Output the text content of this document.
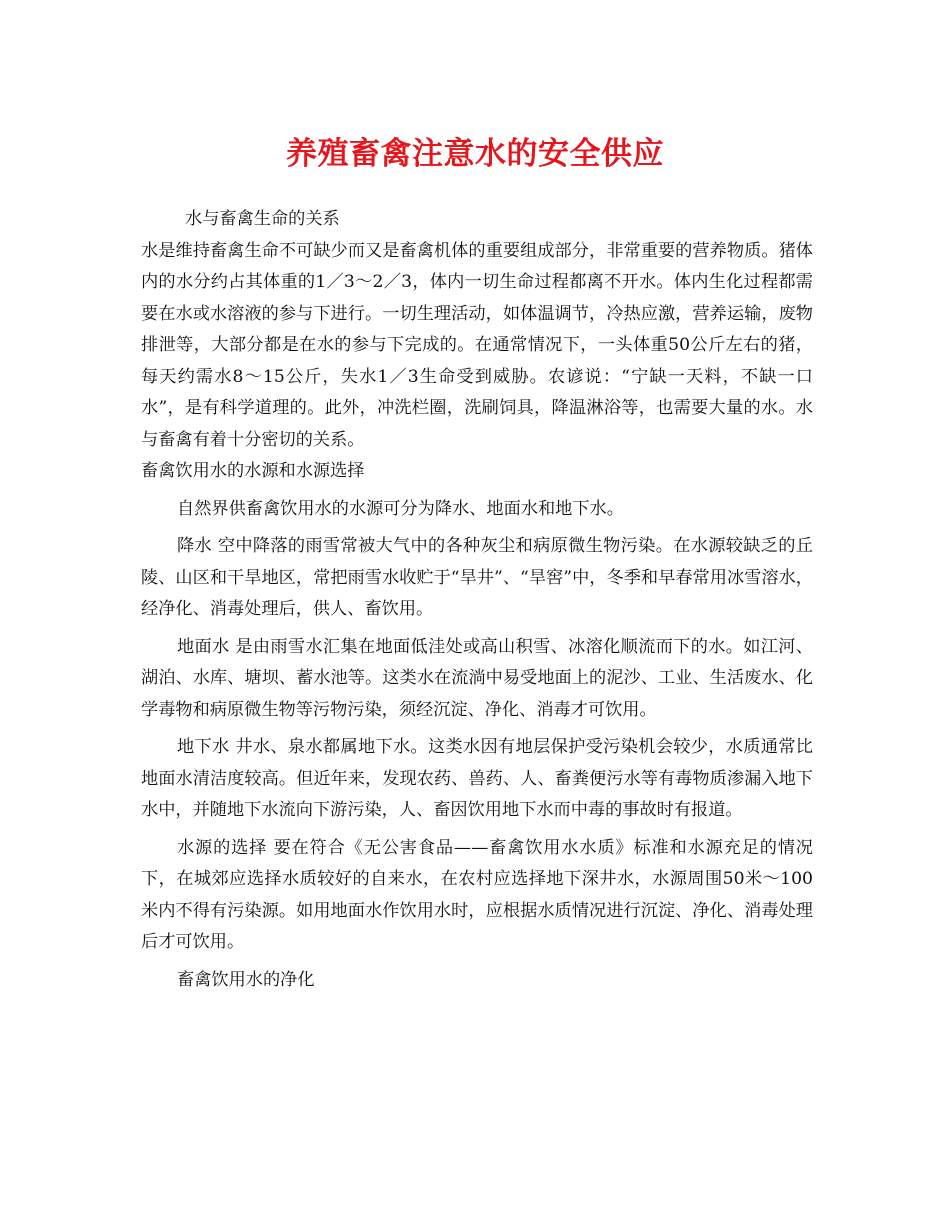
养殖畜禽注意水的安全供应

水与畜禽生命的关系

水是维持畜禽生命不可缺少而又是畜禽机体的重要组成部分，非常重要的营养物质。猪体内的水分约占其体重的1／3～2／3，体内一切生命过程都离不开水。体内生化过程都需要在水或水溶液的参与下进行。一切生理活动，如体温调节，冷热应激，营养运输，废物排泄等，大部分都是在水的参与下完成的。在通常情况下，一头体重50公斤左右的猪，每天约需水8～15公斤，失水1／3生命受到威胁。农谚说：“宁缺一天料，不缺一口水”，是有科学道理的。此外，冲洗栏圈，洗刷饲具，降温淋浴等，也需要大量的水。水与畜禽有着十分密切的关系。

畜禽饮用水的水源和水源选择

自然界供畜禽饮用水的水源可分为降水、地面水和地下水。

降水 空中降落的雨雪常被大气中的各种灰尘和病原微生物污染。在水源较缺乏的丘陵、山区和干旱地区，常把雨雪水收贮于“旱井”、“旱窖”中，冬季和早春常用冰雪溶水，经净化、消毒处理后，供人、畜饮用。

地面水 是由雨雪水汇集在地面低洼处或高山积雪、冰溶化顺流而下的水。如江河、湖泊、水库、塘坝、蓄水池等。这类水在流淌中易受地面上的泥沙、工业、生活废水、化学毒物和病原微生物等污物污染，须经沉淀、净化、消毒才可饮用。

地下水 井水、泉水都属地下水。这类水因有地层保护受污染机会较少，水质通常比地面水清洁度较高。但近年来，发现农药、兽药、人、畜粪便污水等有毒物质渗漏入地下水中，并随地下水流向下游污染，人、畜因饮用地下水而中毒的事故时有报道。

水源的选择 要在符合《无公害食品——畜禽饮用水水质》标准和水源充足的情况下，在城郊应选择水质较好的自来水，在农村应选择地下深井水，水源周围50米～100米内不得有污染源。如用地面水作饮用水时，应根据水质情况进行沉淀、净化、消毒处理后才可饮用。

畜禽饮用水的净化
